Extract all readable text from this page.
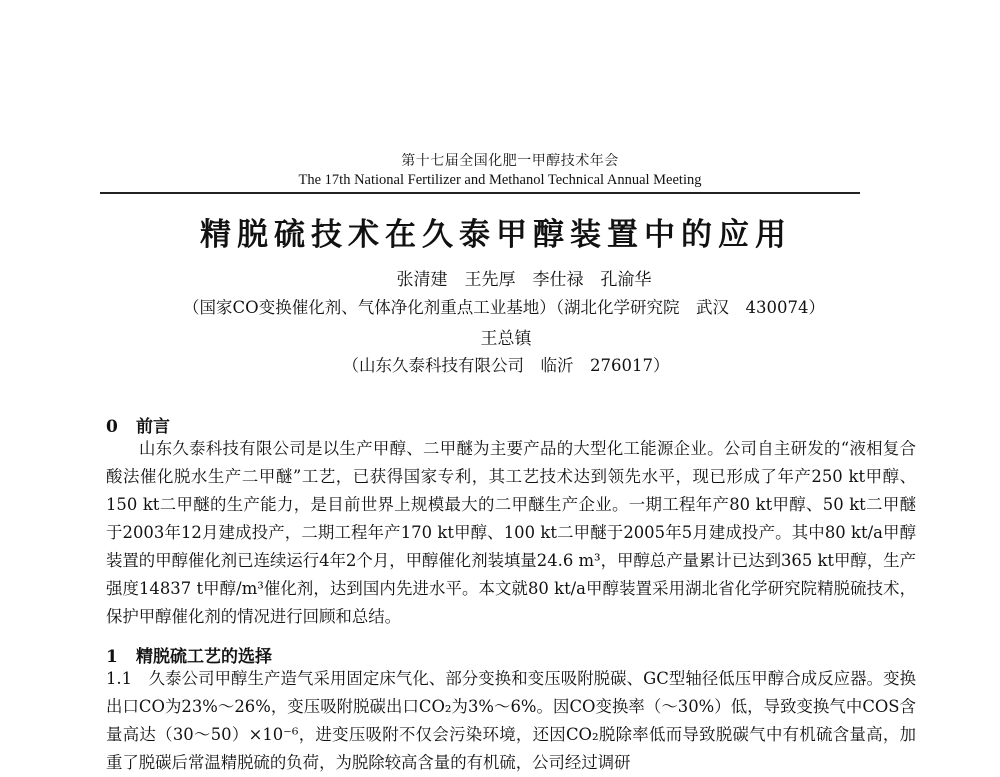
第十七届全国化肥一甲醇技术年会
The 17th National Fertilizer and Methanol Technical Annual Meeting
精脱硫技术在久泰甲醇装置中的应用
张清建　王先厚　李仕禄　孔渝华
（国家CO变换催化剂、气体净化剂重点工业基地）（湖北化学研究院　武汉　430074）
王总镇
（山东久泰科技有限公司　临沂　276017）
0 前言

山东久泰科技有限公司是以生产甲醇、二甲醚为主要产品的大型化工能源企业。公司自主研发的“液相复合酸法催化脱水生产二甲醚”工艺，已获得国家专利，其工艺技术达到领先水平，现已形成了年产250 kt甲醇、150 kt二甲醚的生产能力，是目前世界上规模最大的二甲醚生产企业。一期工程年产80 kt甲醇、50 kt二甲醚于2003年12月建成投产，二期工程年产170 kt甲醇、100 kt二甲醚于2005年5月建成投产。其中80 kt/a甲醇装置的甲醇催化剂已连续运行4年2个月，甲醇催化剂装填量24.6 m³，甲醇总产量累计已达到365 kt甲醇，生产强度14837 t甲醇/m³催化剂，达到国内先进水平。本文就80 kt/a甲醇装置采用湖北省化学研究院精脱硫技术，保护甲醇催化剂的情况进行回顾和总结。

1 精脱硫工艺的选择

1.1　久泰公司甲醇生产造气采用固定床气化、部分变换和变压吸附脱碳、GC型轴径低压甲醇合成反应器。变换出口CO为23%～26%，变压吸附脱碳出口CO₂为3%～6%。因CO变换率（～30%）低，导致变换气中COS含量高达（30～50）×10⁻⁶，进变压吸附不仅会污染环境，还因CO₂脱除率低而导致脱碳气中有机硫含量高，加重了脱碳后常温精脱硫的负荷，为脱除较高含量的有机硫，公司经过调研
